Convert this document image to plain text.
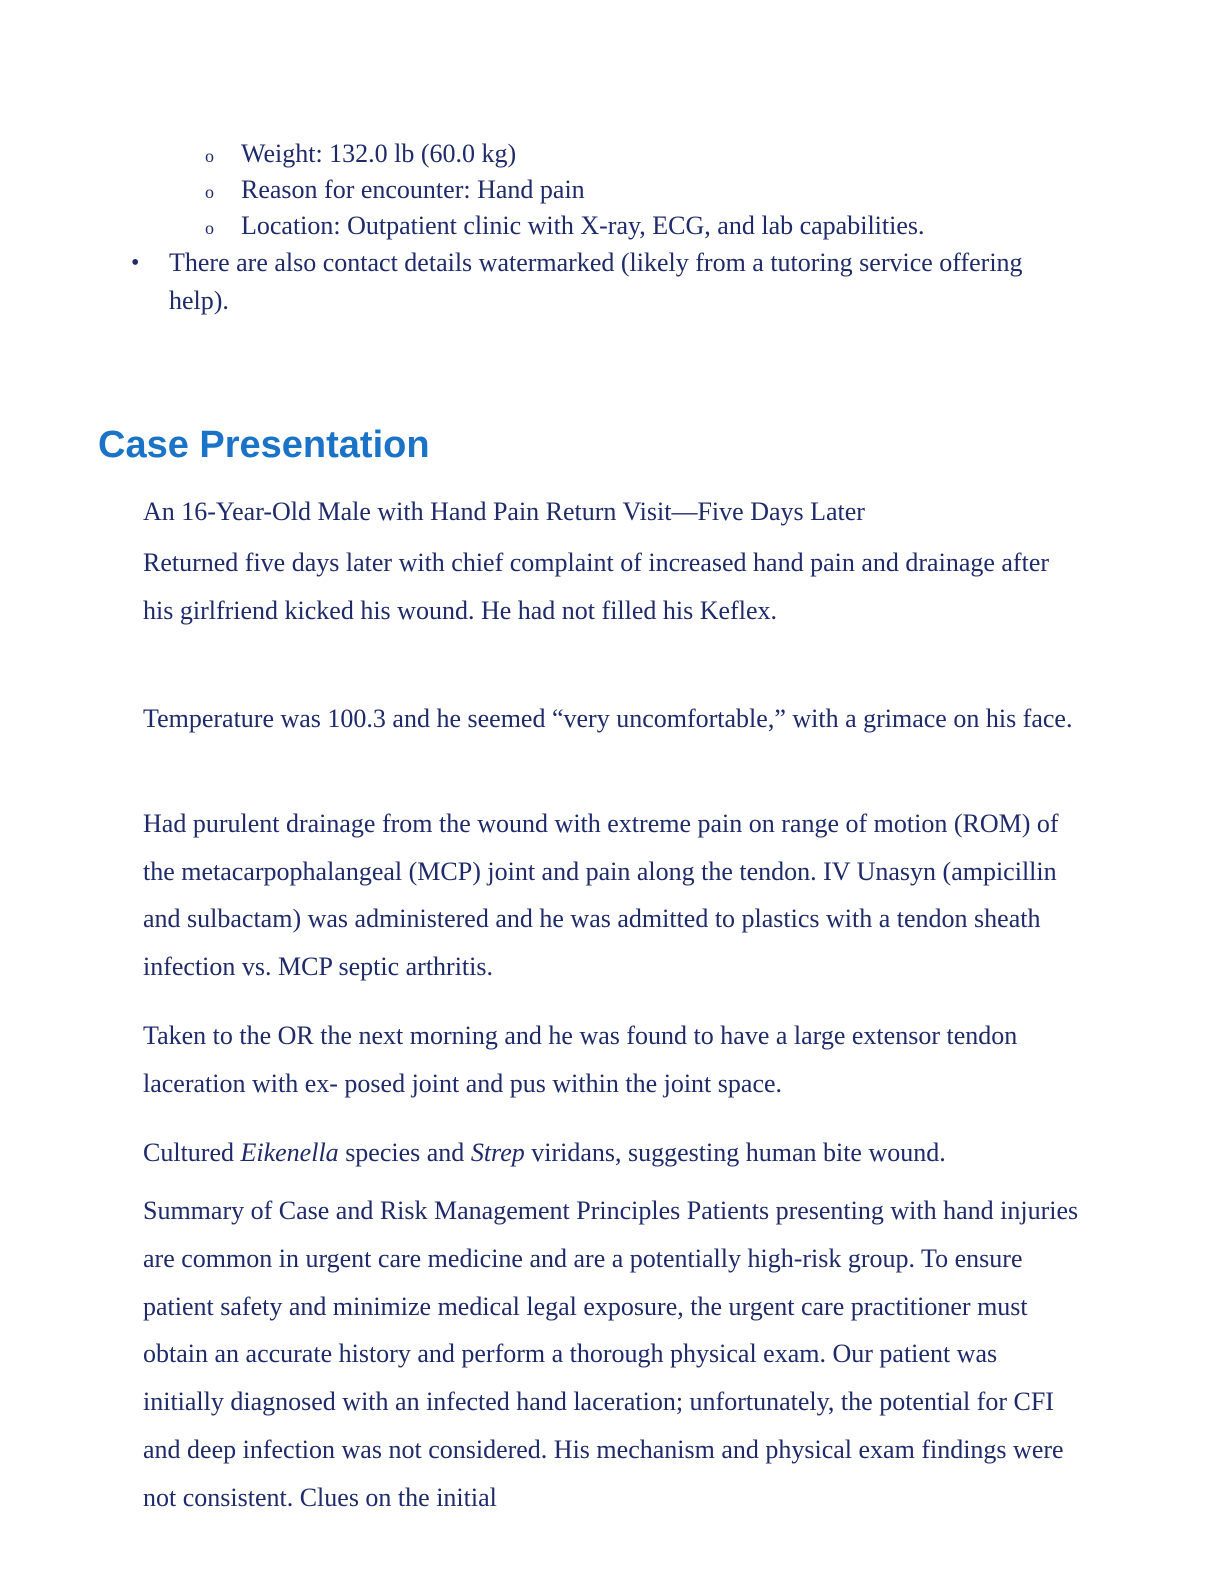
o Weight: 132.0 lb (60.0 kg)
o Reason for encounter: Hand pain
o Location: Outpatient clinic with X-ray, ECG, and lab capabilities.
• There are also contact details watermarked (likely from a tutoring service offering help).
Case Presentation

An 16-Year-Old Male with Hand Pain Return Visit—Five Days Later

Returned five days later with chief complaint of increased hand pain and drainage after his girlfriend kicked his wound. He had not filled his Keflex.

Temperature was 100.3 and he seemed “very uncomfortable,” with a grimace on his face.

Had purulent drainage from the wound with extreme pain on range of motion (ROM) of the metacarpophalangeal (MCP) joint and pain along the tendon. IV Unasyn (ampicillin and sulbactam) was administered and he was admitted to plastics with a tendon sheath infection vs. MCP septic arthritis.

Taken to the OR the next morning and he was found to have a large extensor tendon laceration with ex- posed joint and pus within the joint space.

Cultured Eikenella species and Strep viridans, suggesting human bite wound.

Summary of Case and Risk Management Principles Patients presenting with hand injuries are common in urgent care medicine and are a potentially high-risk group. To ensure patient safety and minimize medical legal exposure, the urgent care practitioner must obtain an accurate history and perform a thorough physical exam. Our patient was initially diagnosed with an infected hand laceration; unfortunately, the potential for CFI and deep infection was not considered. His mechanism and physical exam findings were not consistent. Clues on the initial
